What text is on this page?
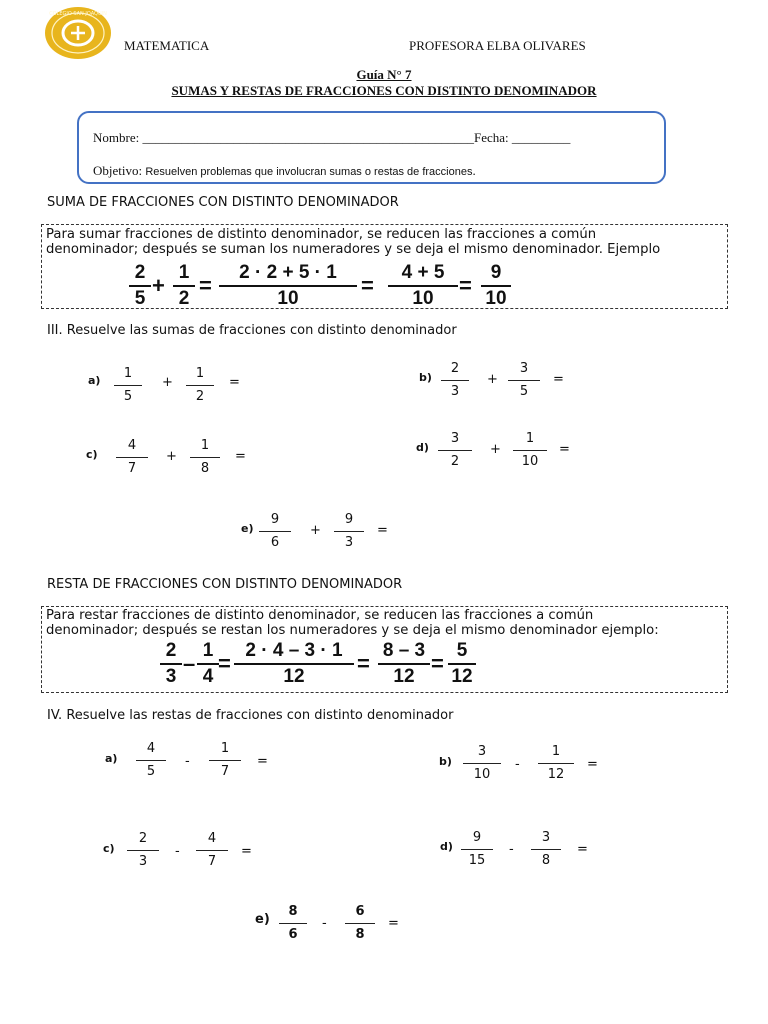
COLEGIO SAN JOAQUIN
MATEMATICA	PROFESORA ELBA OLIVARES
Guía N° 7
SUMAS Y RESTAS DE FRACCIONES CON DISTINTO DENOMINADOR
Nombre: ___________________________________________________Fecha: _________
Objetivo: Resuelven problemas que involucran sumas o restas de fracciones.
SUMA DE FRACCIONES CON DISTINTO DENOMINADOR
Para sumar fracciones de distinto denominador, se reducen las fracciones a común
denominador; después se suman los numeradores y se deja el mismo denominador. Ejemplo
2
5
+
1
2
=
2 · 2 + 5 · 1
10
=
4 + 5
10
=
9
10
III. Resuelve las sumas de fracciones con distinto denominador
a)	1
5
+
1
2
=	b)
2
3
+
3
5
=
c)
4
7
+
1
8
=
d)
3
2
+
1
10
=
e)
9
6
+
9
3
=
RESTA DE FRACCIONES CON DISTINTO DENOMINADOR
Para restar fracciones de distinto denominador, se reducen las fracciones a común
denominador; después se restan los numeradores y se deja el mismo denominador ejemplo:
2
3
–
1
4
=
2 · 4 – 3 · 1
12
=
8 – 3
12
=
5
12
IV. Resuelve las restas de fracciones con distinto denominador
a)
4
5
-
1
7
=	b)
3
10
-
1
12
=
c)
2
3
-
4
7
=	d)
9
15
-
3
8
=
e)
8
6
-
6
8
=
